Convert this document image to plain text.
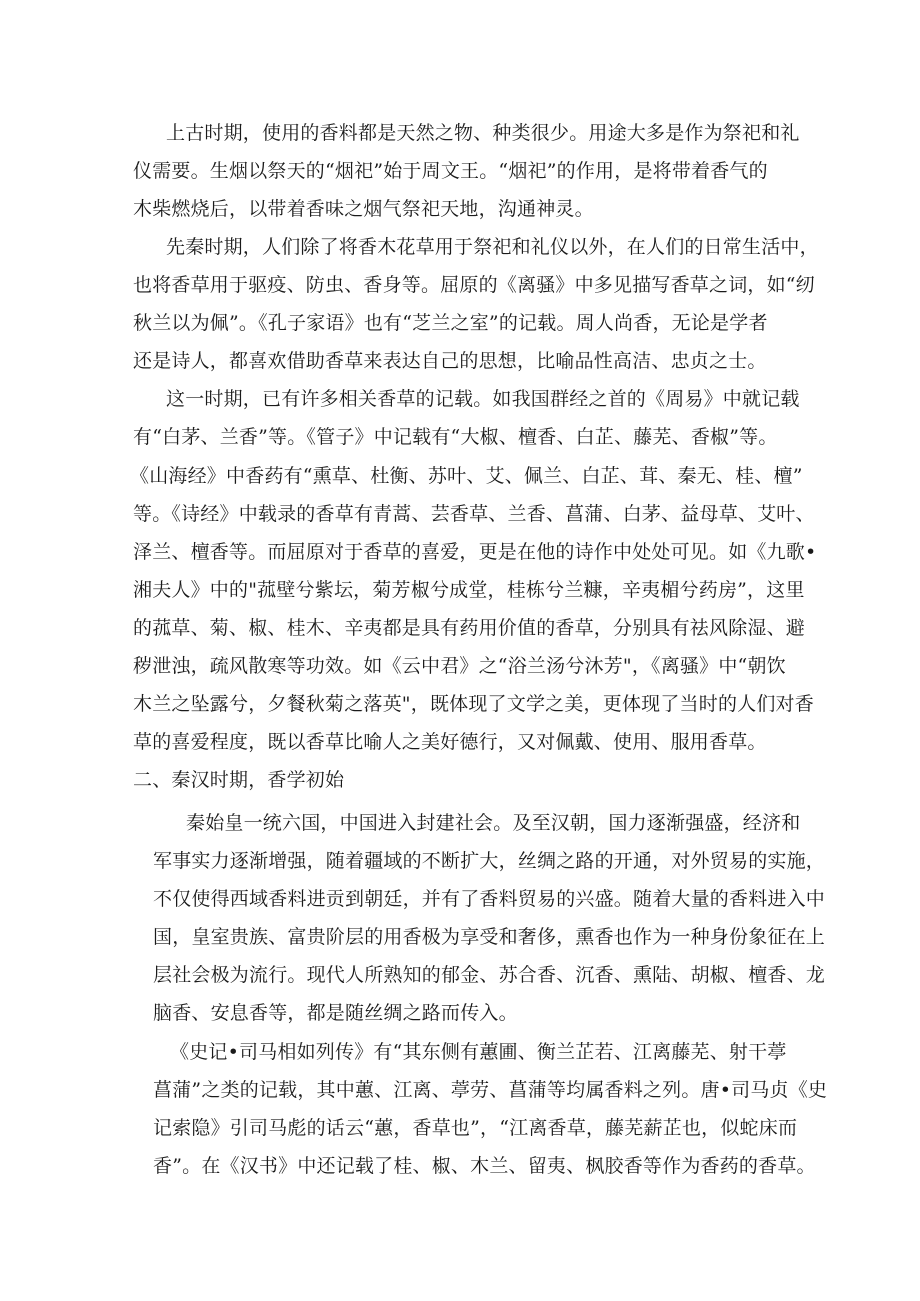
上古时期，使用的香料都是天然之物、种类很少。用途大多是作为祭祀和礼

仪需要。生烟以祭天的“烟祀”始于周文王。“烟祀”的作用，是将带着香气的

木柴燃烧后，以带着香味之烟气祭祀天地，沟通神灵。

先秦时期，人们除了将香木花草用于祭祀和礼仪以外，在人们的日常生活中，

也将香草用于驱疫、防虫、香身等。屈原的《离骚》中多见描写香草之词，如“纫

秋兰以为佩”。《孔子家语》也有“芝兰之室”的记载。周人尚香，无论是学者

还是诗人，都喜欢借助香草来表达自己的思想，比喻品性高洁、忠贞之士。

这一时期，已有许多相关香草的记载。如我国群经之首的《周易》中就记载

有“白茅、兰香”等。《管子》中记载有“大椒、檀香、白芷、藤芜、香椒”等。

《山海经》中香药有“熏草、杜衡、苏叶、艾、佩兰、白芷、茸、秦无、桂、檀”

等。《诗经》中载录的香草有青蒿、芸香草、兰香、菖蒲、白茅、益母草、艾叶、

泽兰、檀香等。而屈原对于香草的喜爱，更是在他的诗作中处处可见。如《九歌•

湘夫人》中的"菰壁兮紫坛，菊芳椒兮成堂，桂栋兮兰糠，辛夷楣兮药房”，这里

的菰草、菊、椒、桂木、辛夷都是具有药用价值的香草，分别具有祛风除湿、避

秽泄浊，疏风散寒等功效。如《云中君》之“浴兰汤兮沐芳"，《离骚》中“朝饮

木兰之坠露兮，夕餐秋菊之落英"，既体现了文学之美，更体现了当时的人们对香

草的喜爱程度，既以香草比喻人之美好德行，又对佩戴、使用、服用香草。

二、秦汉时期，香学初始

秦始皇一统六国，中国进入封建社会。及至汉朝，国力逐渐强盛，经济和

军事实力逐渐增强，随着疆域的不断扩大，丝绸之路的开通，对外贸易的实施，

不仅使得西域香料进贡到朝廷，并有了香料贸易的兴盛。随着大量的香料进入中

国，皇室贵族、富贵阶层的用香极为享受和奢侈，熏香也作为一种身份象征在上

层社会极为流行。现代人所熟知的郁金、苏合香、沉香、熏陆、胡椒、檀香、龙

脑香、安息香等，都是随丝绸之路而传入。

《史记•司马相如列传》有“其东侧有蕙圃、衡兰芷若、江离藤芜、射干葶

菖蒲”之类的记载，其中蕙、江离、葶劳、菖蒲等均属香料之列。唐•司马贞《史

记索隐》引司马彪的话云“蕙，香草也”，“江离香草，藤芜薪芷也，似蛇床而

香”。在《汉书》中还记载了桂、椒、木兰、留夷、枫胶香等作为香药的香草。
